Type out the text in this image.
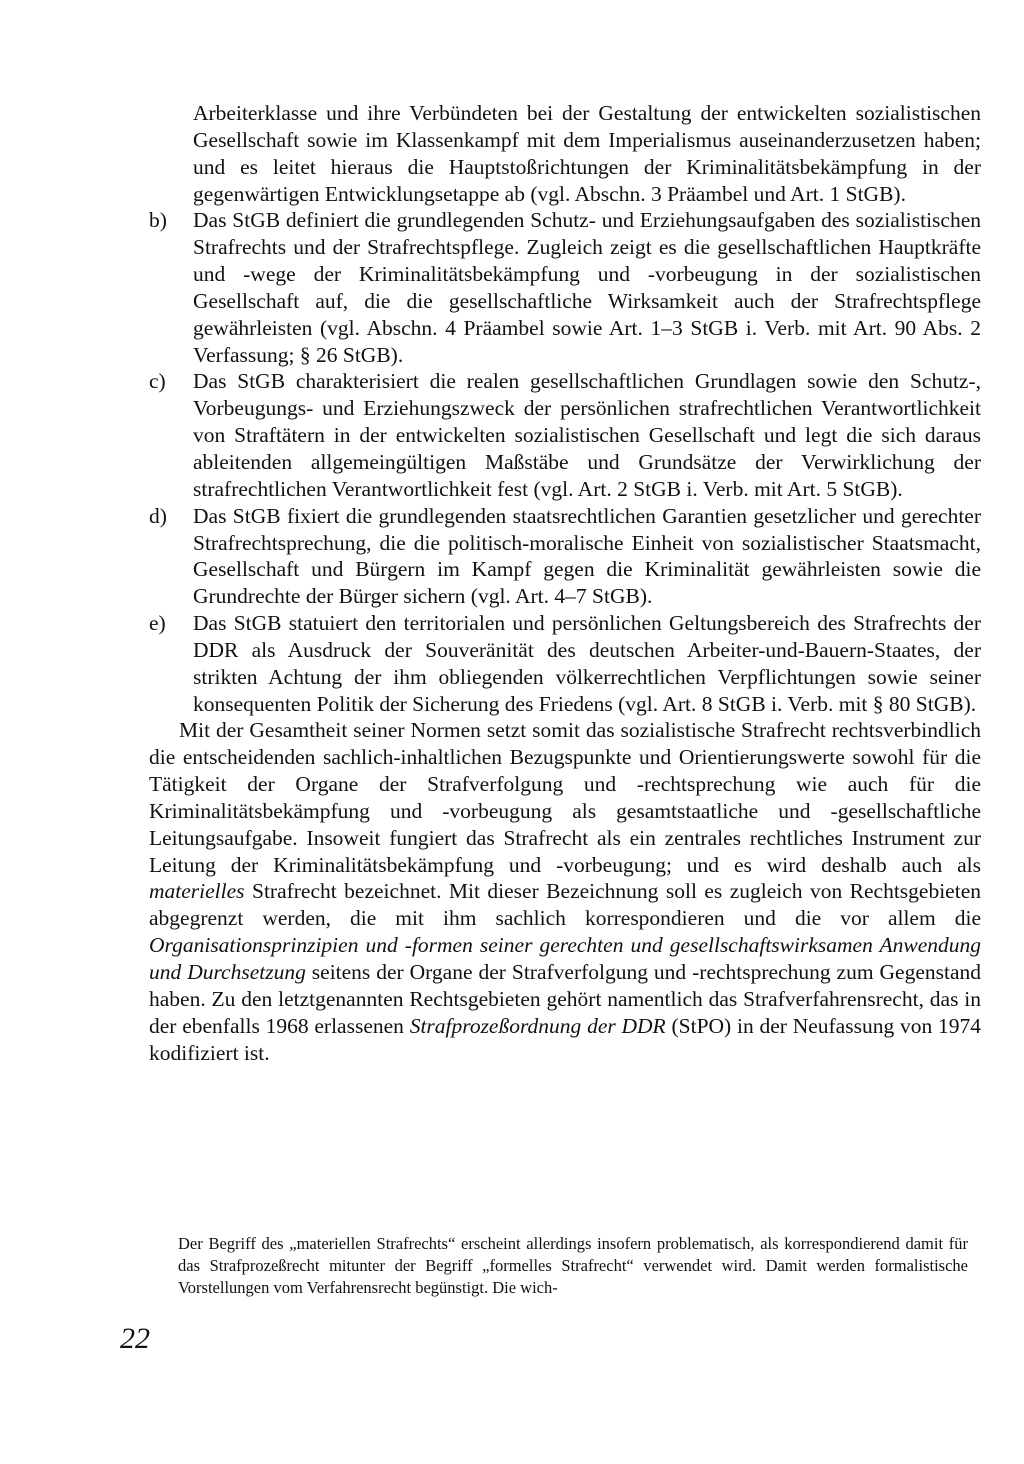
Arbeiterklasse und ihre Verbündeten bei der Gestaltung der entwickelten sozialistischen Gesellschaft sowie im Klassenkampf mit dem Imperialismus auseinanderzusetzen haben; und es leitet hieraus die Hauptstoßrichtungen der Kriminalitätsbekämpfung in der gegenwärtigen Entwicklungsetappe ab (vgl. Abschn. 3 Präambel und Art. 1 StGB).

b)	Das StGB definiert die grundlegenden Schutz- und Erziehungsaufgaben des sozialistischen Strafrechts und der Strafrechtspflege. Zugleich zeigt es die gesellschaftlichen Hauptkräfte und -wege der Kriminalitätsbekämpfung und -vorbeugung in der sozialistischen Gesellschaft auf, die die gesellschaftliche Wirksamkeit auch der Strafrechtspflege gewährleisten (vgl. Abschn. 4 Präambel sowie Art. 1–3 StGB i. Verb. mit Art. 90 Abs. 2 Verfassung; § 26 StGB).
c)	Das StGB charakterisiert die realen gesellschaftlichen Grundlagen sowie den Schutz-, Vorbeugungs- und Erziehungszweck der persönlichen strafrechtlichen Verantwortlichkeit von Straftätern in der entwickelten sozialistischen Gesellschaft und legt die sich daraus ableitenden allgemeingültigen Maßstäbe und Grundsätze der Verwirklichung der strafrechtlichen Verantwortlichkeit fest (vgl. Art. 2 StGB i. Verb. mit Art. 5 StGB).
d)	Das StGB fixiert die grundlegenden staatsrechtlichen Garantien gesetzlicher und gerechter Strafrechtsprechung, die die politisch-moralische Einheit von sozialistischer Staatsmacht, Gesellschaft und Bürgern im Kampf gegen die Kriminalität gewährleisten sowie die Grundrechte der Bürger sichern (vgl. Art. 4–7 StGB).
e)	Das StGB statuiert den territorialen und persönlichen Geltungsbereich des Strafrechts der DDR als Ausdruck der Souveränität des deutschen Arbeiter-und-Bauern-Staates, der strikten Achtung der ihm obliegenden völkerrechtlichen Verpflichtungen sowie seiner konsequenten Politik der Sicherung des Friedens (vgl. Art. 8 StGB i. Verb. mit § 80 StGB).

Mit der Gesamtheit seiner Normen setzt somit das sozialistische Strafrecht rechtsverbindlich die entscheidenden sachlich-inhaltlichen Bezugspunkte und Orientierungswerte sowohl für die Tätigkeit der Organe der Strafverfolgung und -rechtsprechung wie auch für die Kriminalitätsbekämpfung und -vorbeugung als gesamtstaatliche und -gesellschaftliche Leitungsaufgabe. Insoweit fungiert das Strafrecht als ein zentrales rechtliches Instrument zur Leitung der Kriminalitätsbekämpfung und -vorbeugung; und es wird deshalb auch als materielles Strafrecht bezeichnet. Mit dieser Bezeichnung soll es zugleich von Rechtsgebieten abgegrenzt werden, die mit ihm sachlich korrespondieren und die vor allem die Organisationsprinzipien und -formen seiner gerechten und gesellschaftswirksamen Anwendung und Durchsetzung seitens der Organe der Strafverfolgung und -rechtsprechung zum Gegenstand haben. Zu den letztgenannten Rechtsgebieten gehört namentlich das Strafverfahrensrecht, das in der ebenfalls 1968 erlassenen Strafprozeßordnung der DDR (StPO) in der Neufassung von 1974 kodifiziert ist.

Der Begriff des „materiellen Strafrechts“ erscheint allerdings insofern problematisch, als korrespondierend damit für das Strafprozeßrecht mitunter der Begriff „formelles Strafrecht“ verwendet wird. Damit werden formalistische Vorstellungen vom Verfahrensrecht begünstigt. Die wich-

22
